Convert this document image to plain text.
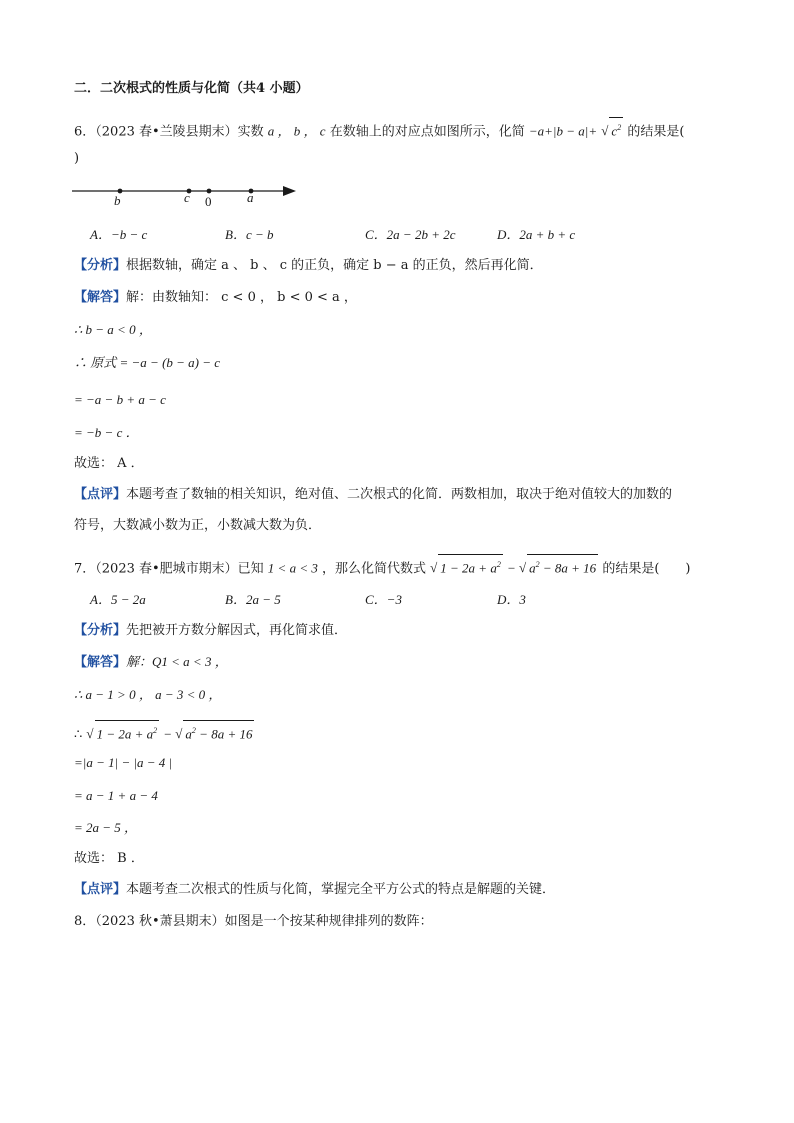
二．二次根式的性质与化简（共4 小题）
6．（2023 春•兰陵县期末）实数 a ， b ， c 在数轴上的对应点如图所示，化简 −a+|b − a|+ √ $c^2$ 的结果是(
)
b	c 0	a
A．−b − c	B．c − b	C．2a − 2b + 2c	D．2a + b + c
【分析】根据数轴，确定 a 、 b 、 c 的正负，确定 b − a 的正负，然后再化简．
【解答】解：由数轴知： c < 0 ， b < 0 < a ，
∴ b − a < 0 ，
∴ 原式 = −a − (b − a) − c
= −a − b + a − c
= −b − c ．
故选： A ．
【点评】本题考查了数轴的相关知识，绝对值、二次根式的化简．两数相加，取决于绝对值较大的加数的
符号，大数减小数为正，小数减大数为负．
7．（2023 春•肥城市期末）已知 1 < a < 3 ，那么化简代数式 √ $1 - 2a + a^2$ − √ $a^2 - 8a + 16$ 的结果是(　　)
A．5 − 2a	B．2a − 5	C．−3	D．3
【分析】先把被开方数分解因式，再化简求值．
【解答】解：Q1 < a < 3 ，
∴ a − 1 > 0 ， a − 3 < 0 ，
∴ √ $1 - 2a + a^2$ − √ $a^2 - 8a + 16$
=|a − 1| − |a − 4 |
= a − 1 + a − 4
= 2a − 5 ，
故选： B ．
【点评】本题考查二次根式的性质与化简，掌握完全平方公式的特点是解题的关键．
8．（2023 秋•萧县期末）如图是一个按某种规律排列的数阵：
